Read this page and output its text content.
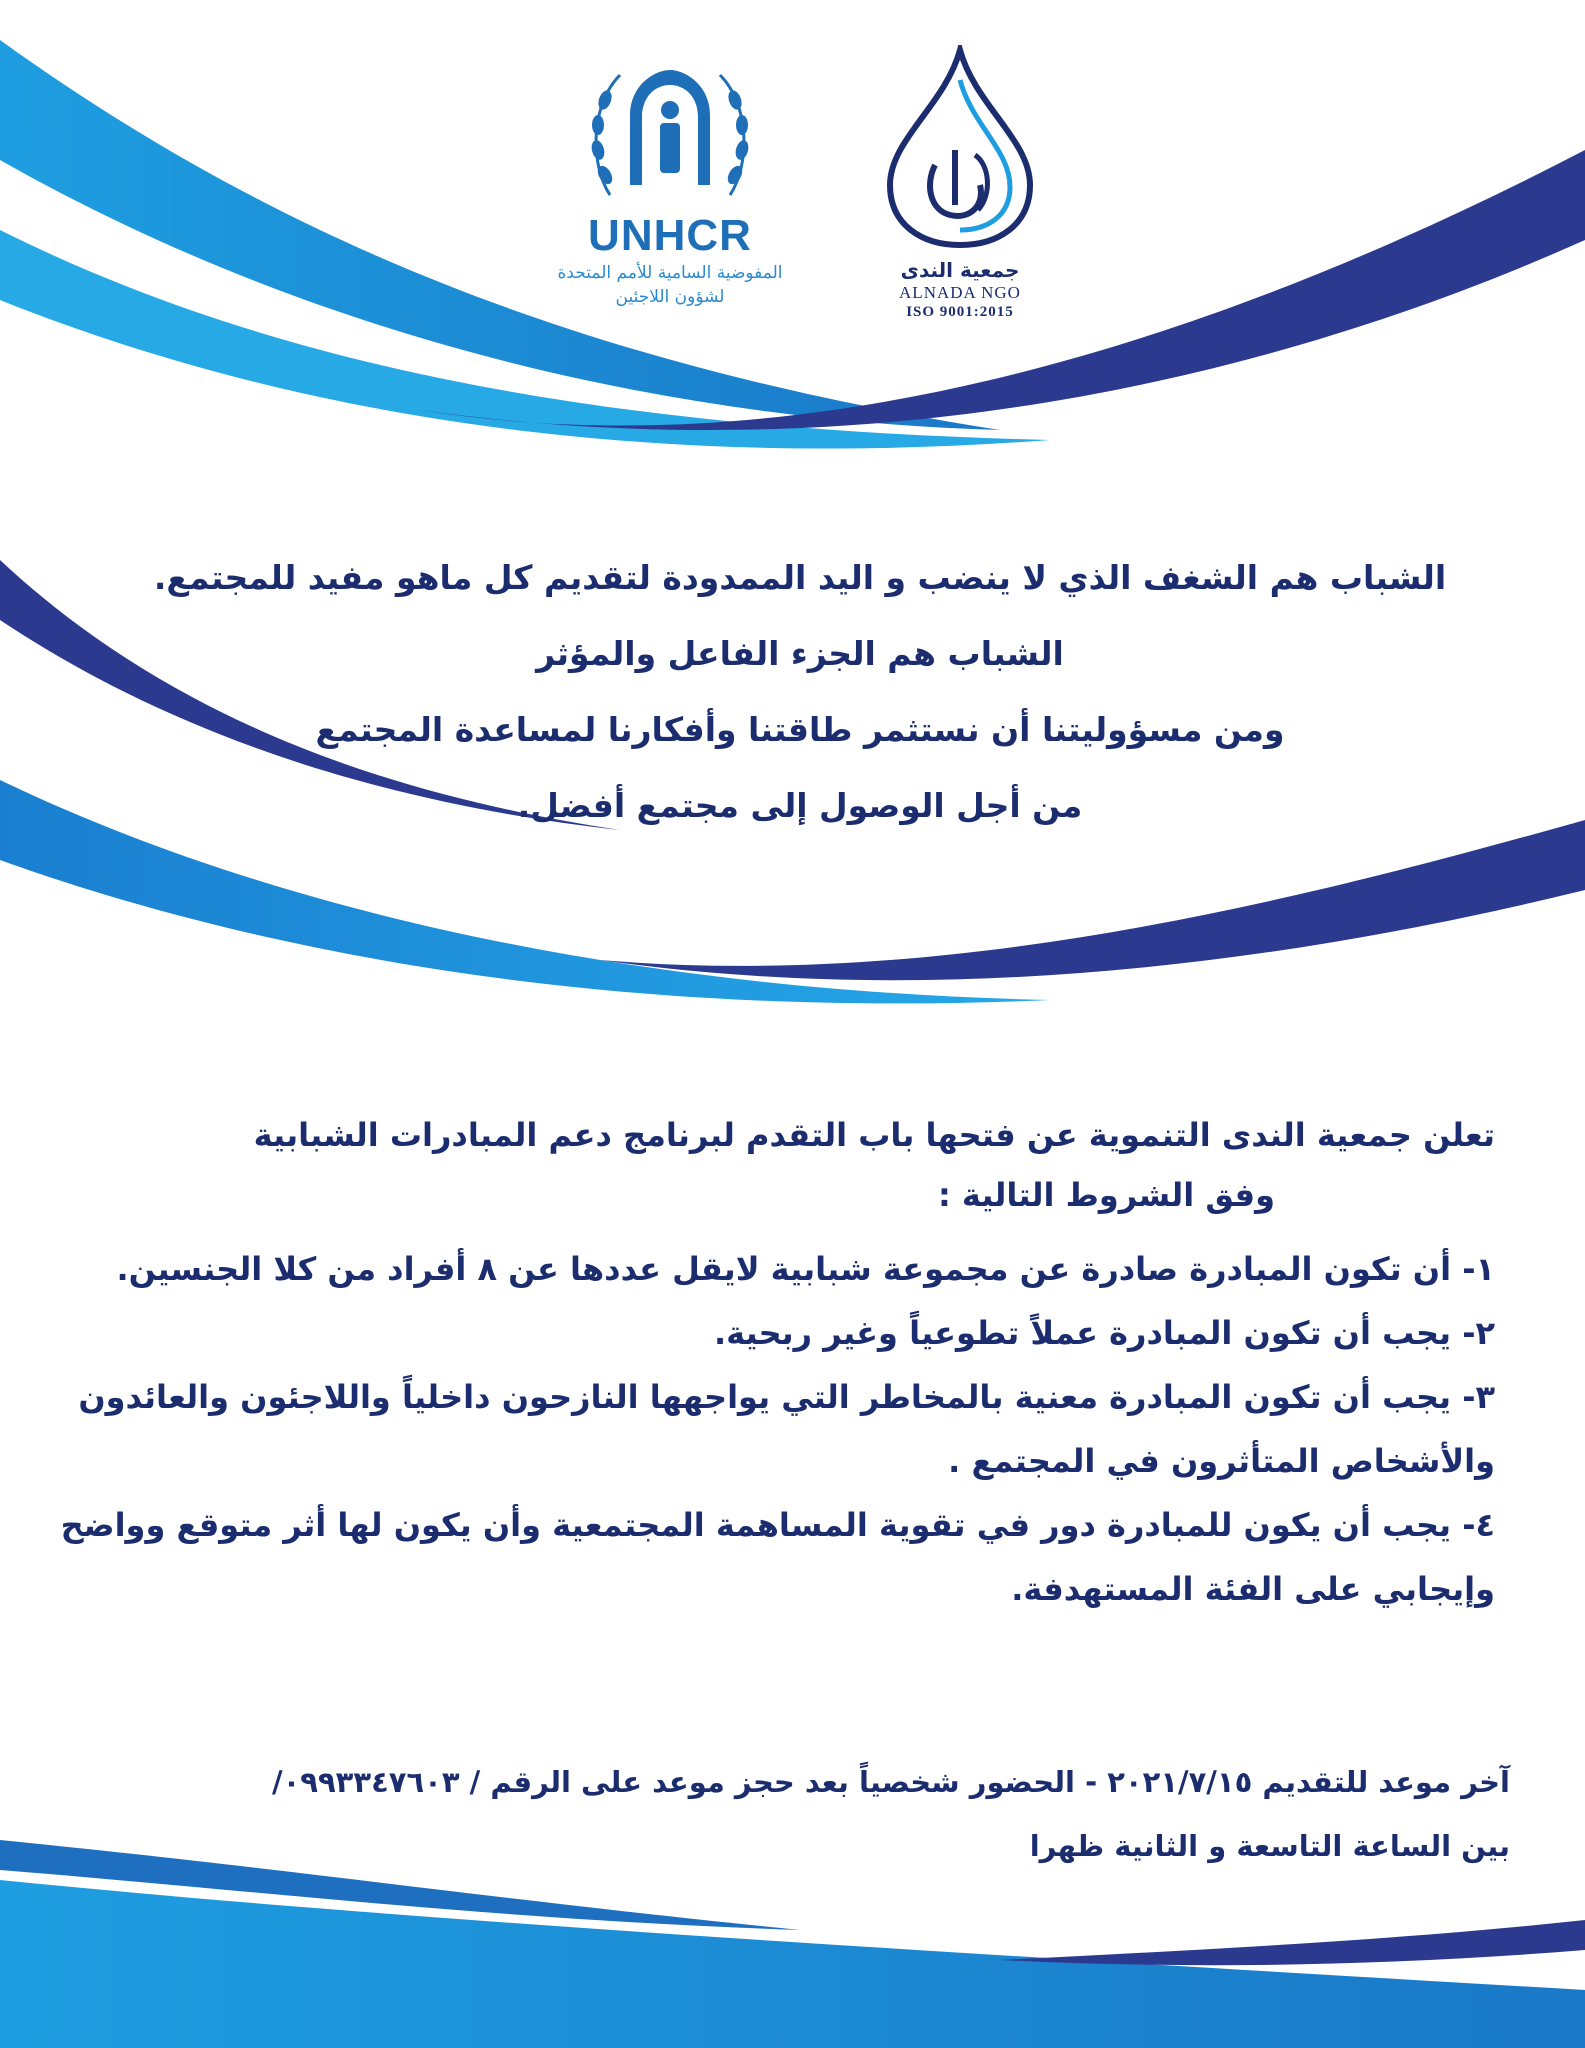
UNHCR
المفوضية السامية للأمم المتحدة
لشؤون اللاجئين
جمعية الندى
ALNADA NGO
ISO 9001:2015
الشباب هم الشغف الذي لا ينضب و اليد الممدودة لتقديم كل ماهو مفيد للمجتمع.
الشباب هم الجزء الفاعل والمؤثر
ومن مسؤوليتنا أن نستثمر طاقتنا وأفكارنا لمساعدة المجتمع
من أجل الوصول إلى مجتمع أفضل.
تعلن جمعية الندى التنموية عن فتحها باب التقدم لبرنامج دعم المبادرات الشبابية
وفق الشروط التالية :
١- أن تكون المبادرة صادرة عن مجموعة شبابية لايقل عددها عن ٨ أفراد من كلا الجنسين.
٢- يجب أن تكون المبادرة عملاً تطوعياً وغير ربحية.
٣- يجب أن تكون المبادرة معنية بالمخاطر التي يواجهها النازحون داخلياً واللاجئون والعائدون
والأشخاص المتأثرون في المجتمع .
٤- يجب أن يكون للمبادرة دور في تقوية المساهمة المجتمعية وأن يكون لها أثر متوقع وواضح
وإيجابي على الفئة المستهدفة.
آخر موعد للتقديم ٢٠٢١/٧/١٥ - الحضور شخصياً بعد حجز موعد على الرقم / ٠٩٩٣٣٤٧٦٠٣/
بين الساعة التاسعة و الثانية ظهرا
